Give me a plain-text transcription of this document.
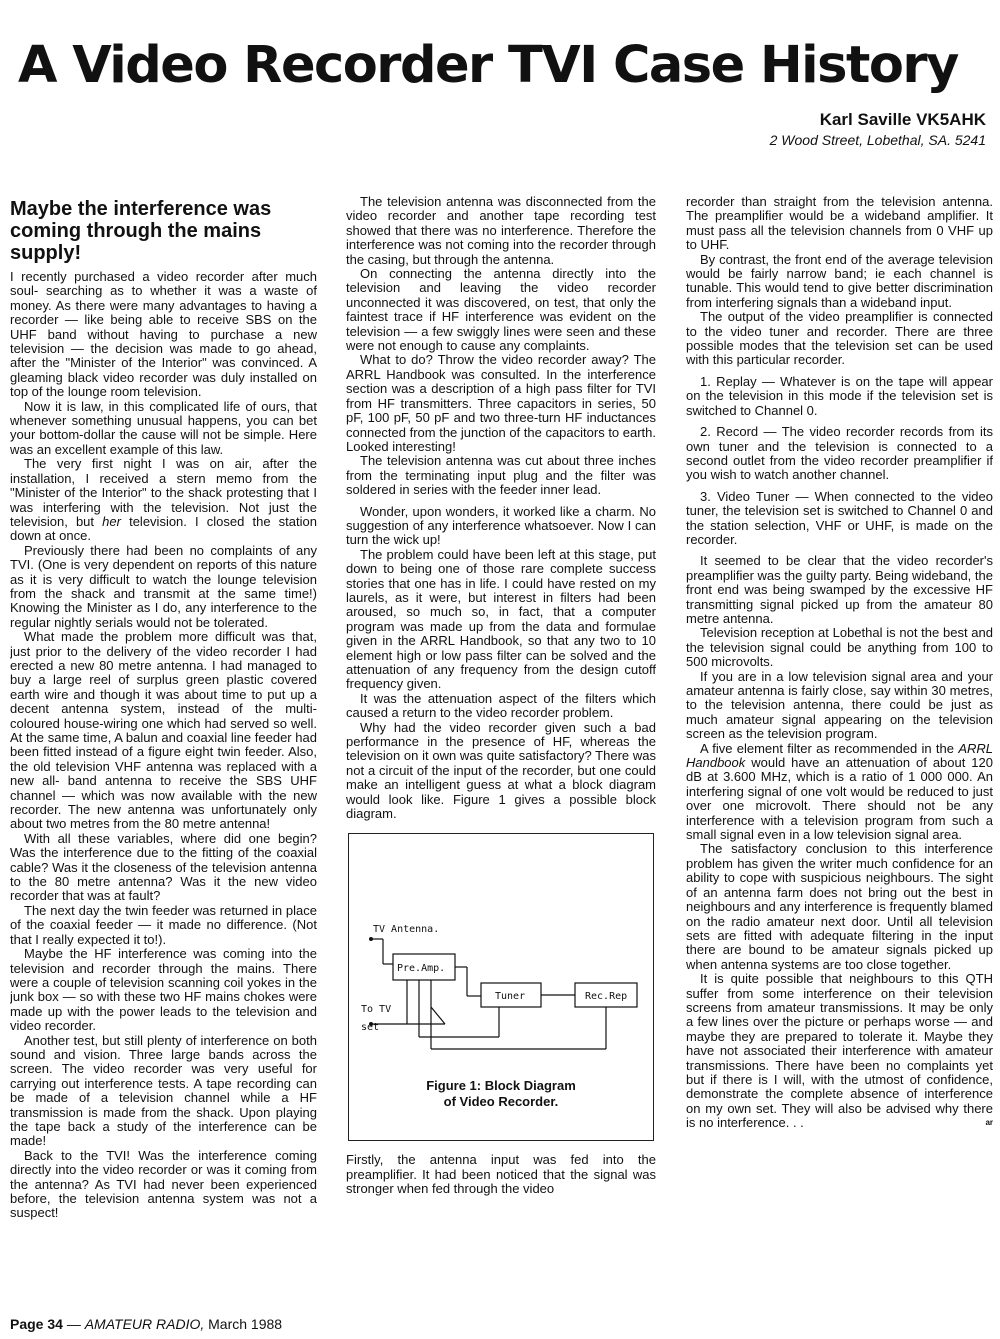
A Video Recorder TVI Case History
Karl Saville VK5AHK
2 Wood Street, Lobethal, SA. 5241
Maybe the interference was coming through the mains supply!

I recently purchased a video recorder after much soul- searching as to whether it was a waste of money. As there were many advantages to having a recorder — like being able to receive SBS on the UHF band without having to purchase a new television — the decision was made to go ahead, after the "Minister of the Interior" was convinced. A gleaming black video recorder was duly installed on top of the lounge room television.

Now it is law, in this complicated life of ours, that whenever something unusual happens, you can bet your bottom-dollar the cause will not be simple. Here was an excellent example of this law.

The very first night I was on air, after the installation, I received a stern memo from the "Minister of the Interior" to the shack protesting that I was interfering with the television. Not just the television, but her television. I closed the station down at once.

Previously there had been no complaints of any TVI. (One is very dependent on reports of this nature as it is very difficult to watch the lounge television from the shack and transmit at the same time!) Knowing the Minister as I do, any interference to the regular nightly serials would not be tolerated.

What made the problem more difficult was that, just prior to the delivery of the video recorder I had erected a new 80 metre antenna. I had managed to buy a large reel of surplus green plastic covered earth wire and though it was about time to put up a decent antenna system, instead of the multi- coloured house-wiring one which had served so well. At the same time, A balun and coaxial line feeder had been fitted instead of a figure eight twin feeder. Also, the old television VHF antenna was replaced with a new all- band antenna to receive the SBS UHF channel — which was now available with the new recorder. The new antenna was unfortunately only about two metres from the 80 metre antenna!

With all these variables, where did one begin? Was the interference due to the fitting of the coaxial cable? Was it the closeness of the television antenna to the 80 metre antenna? Was it the new video recorder that was at fault?

The next day the twin feeder was returned in place of the coaxial feeder — it made no difference. (Not that I really expected it to!).

Maybe the HF interference was coming into the television and recorder through the mains. There were a couple of television scanning coil yokes in the junk box — so with these two HF mains chokes were made up with the power leads to the television and video recorder.

Another test, but still plenty of interference on both sound and vision. Three large bands across the screen. The video recorder was very useful for carrying out interference tests. A tape recording can be made of a television channel while a HF transmission is made from the shack. Upon playing the tape back a study of the interference can be made!

Back to the TVI! Was the interference coming directly into the video recorder or was it coming from the antenna? As TVI had never been experienced before, the television antenna system was not a suspect!

The television antenna was disconnected from the video recorder and another tape recording test showed that there was no interference. Therefore the interference was not coming into the recorder through the casing, but through the antenna.

On connecting the antenna directly into the television and leaving the video recorder unconnected it was discovered, on test, that only the faintest trace if HF interference was evident on the television — a few swiggly lines were seen and these were not enough to cause any complaints.

What to do? Throw the video recorder away? The ARRL Handbook was consulted. In the interference section was a description of a high pass filter for TVI from HF transmitters. Three capacitors in series, 50 pF, 100 pF, 50 pF and two three-turn HF inductances connected from the junction of the capacitors to earth. Looked interesting!

The television antenna was cut about three inches from the terminating input plug and the filter was soldered in series with the feeder inner lead.

Wonder, upon wonders, it worked like a charm. No suggestion of any interference whatsoever. Now I can turn the wick up!

The problem could have been left at this stage, put down to being one of those rare complete success stories that one has in life. I could have rested on my laurels, as it were, but interest in filters had been aroused, so much so, in fact, that a computer program was made up from the data and formulae given in the ARRL Handbook, so that any two to 10 element high or low pass filter can be solved and the attenuation of any frequency from the design cutoff frequency given.

It was the attenuation aspect of the filters which caused a return to the video recorder problem.

Why had the video recorder given such a bad performance in the presence of HF, whereas the television on it own was quite satisfactory? There was not a circuit of the input of the recorder, but one could make an intelligent guess at what a block diagram would look like. Figure 1 gives a possible block diagram.

TV Antenna.
Pre.Amp.
Tuner	Rec.Rep
To TV
set
Figure 1: Block Diagram
of Video Recorder.

Firstly, the antenna input was fed into the preamplifier. It had been noticed that the signal was stronger when fed through the video

recorder than straight from the television antenna. The preamplifier would be a wideband amplifier. It must pass all the television channels from 0 VHF up to UHF.

By contrast, the front end of the average television would be fairly narrow band; ie each channel is tunable. This would tend to give better discrimination from interfering signals than a wideband input.

The output of the video preamplifier is connected to the video tuner and recorder. There are three possible modes that the television set can be used with this particular recorder.

1. Replay — Whatever is on the tape will appear on the television in this mode if the television set is switched to Channel 0.

2. Record — The video recorder records from its own tuner and the television is connected to a second outlet from the video recorder preamplifier if you wish to watch another channel.

3. Video Tuner — When connected to the video tuner, the television set is switched to Channel 0 and the station selection, VHF or UHF, is made on the recorder.

It seemed to be clear that the video recorder's preamplifier was the guilty party. Being wideband, the front end was being swamped by the excessive HF transmitting signal picked up from the amateur 80 metre antenna.

Television reception at Lobethal is not the best and the television signal could be anything from 100 to 500 microvolts.

If you are in a low television signal area and your amateur antenna is fairly close, say within 30 metres, to the television antenna, there could be just as much amateur signal appearing on the television screen as the television program.

A five element filter as recommended in the ARRL Handbook would have an attenuation of about 120 dB at 3.600 MHz, which is a ratio of 1 000 000. An interfering signal of one volt would be reduced to just over one microvolt. There should not be any interference with a television program from such a small signal even in a low television signal area.

The satisfactory conclusion to this interference problem has given the writer much confidence for an ability to cope with suspicious neighbours. The sight of an antenna farm does not bring out the best in neighbours and any interference is frequently blamed on the radio amateur next door. Until all television sets are fitted with adequate filtering in the input there are bound to be amateur signals picked up when antenna systems are too close together.

It is quite possible that neighbours to this QTH suffer from some interference on their television screens from amateur transmissions. It may be only a few lines over the picture or perhaps worse — and maybe they are prepared to tolerate it. Maybe they have not associated their interference with amateur transmissions. There have been no complaints yet but if there is I will, with the utmost of confidence, demonstrate the complete absence of interference on my own set. They will also be advised why there is no interference. . .	ar

Page 34 — AMATEUR RADIO, March 1988
